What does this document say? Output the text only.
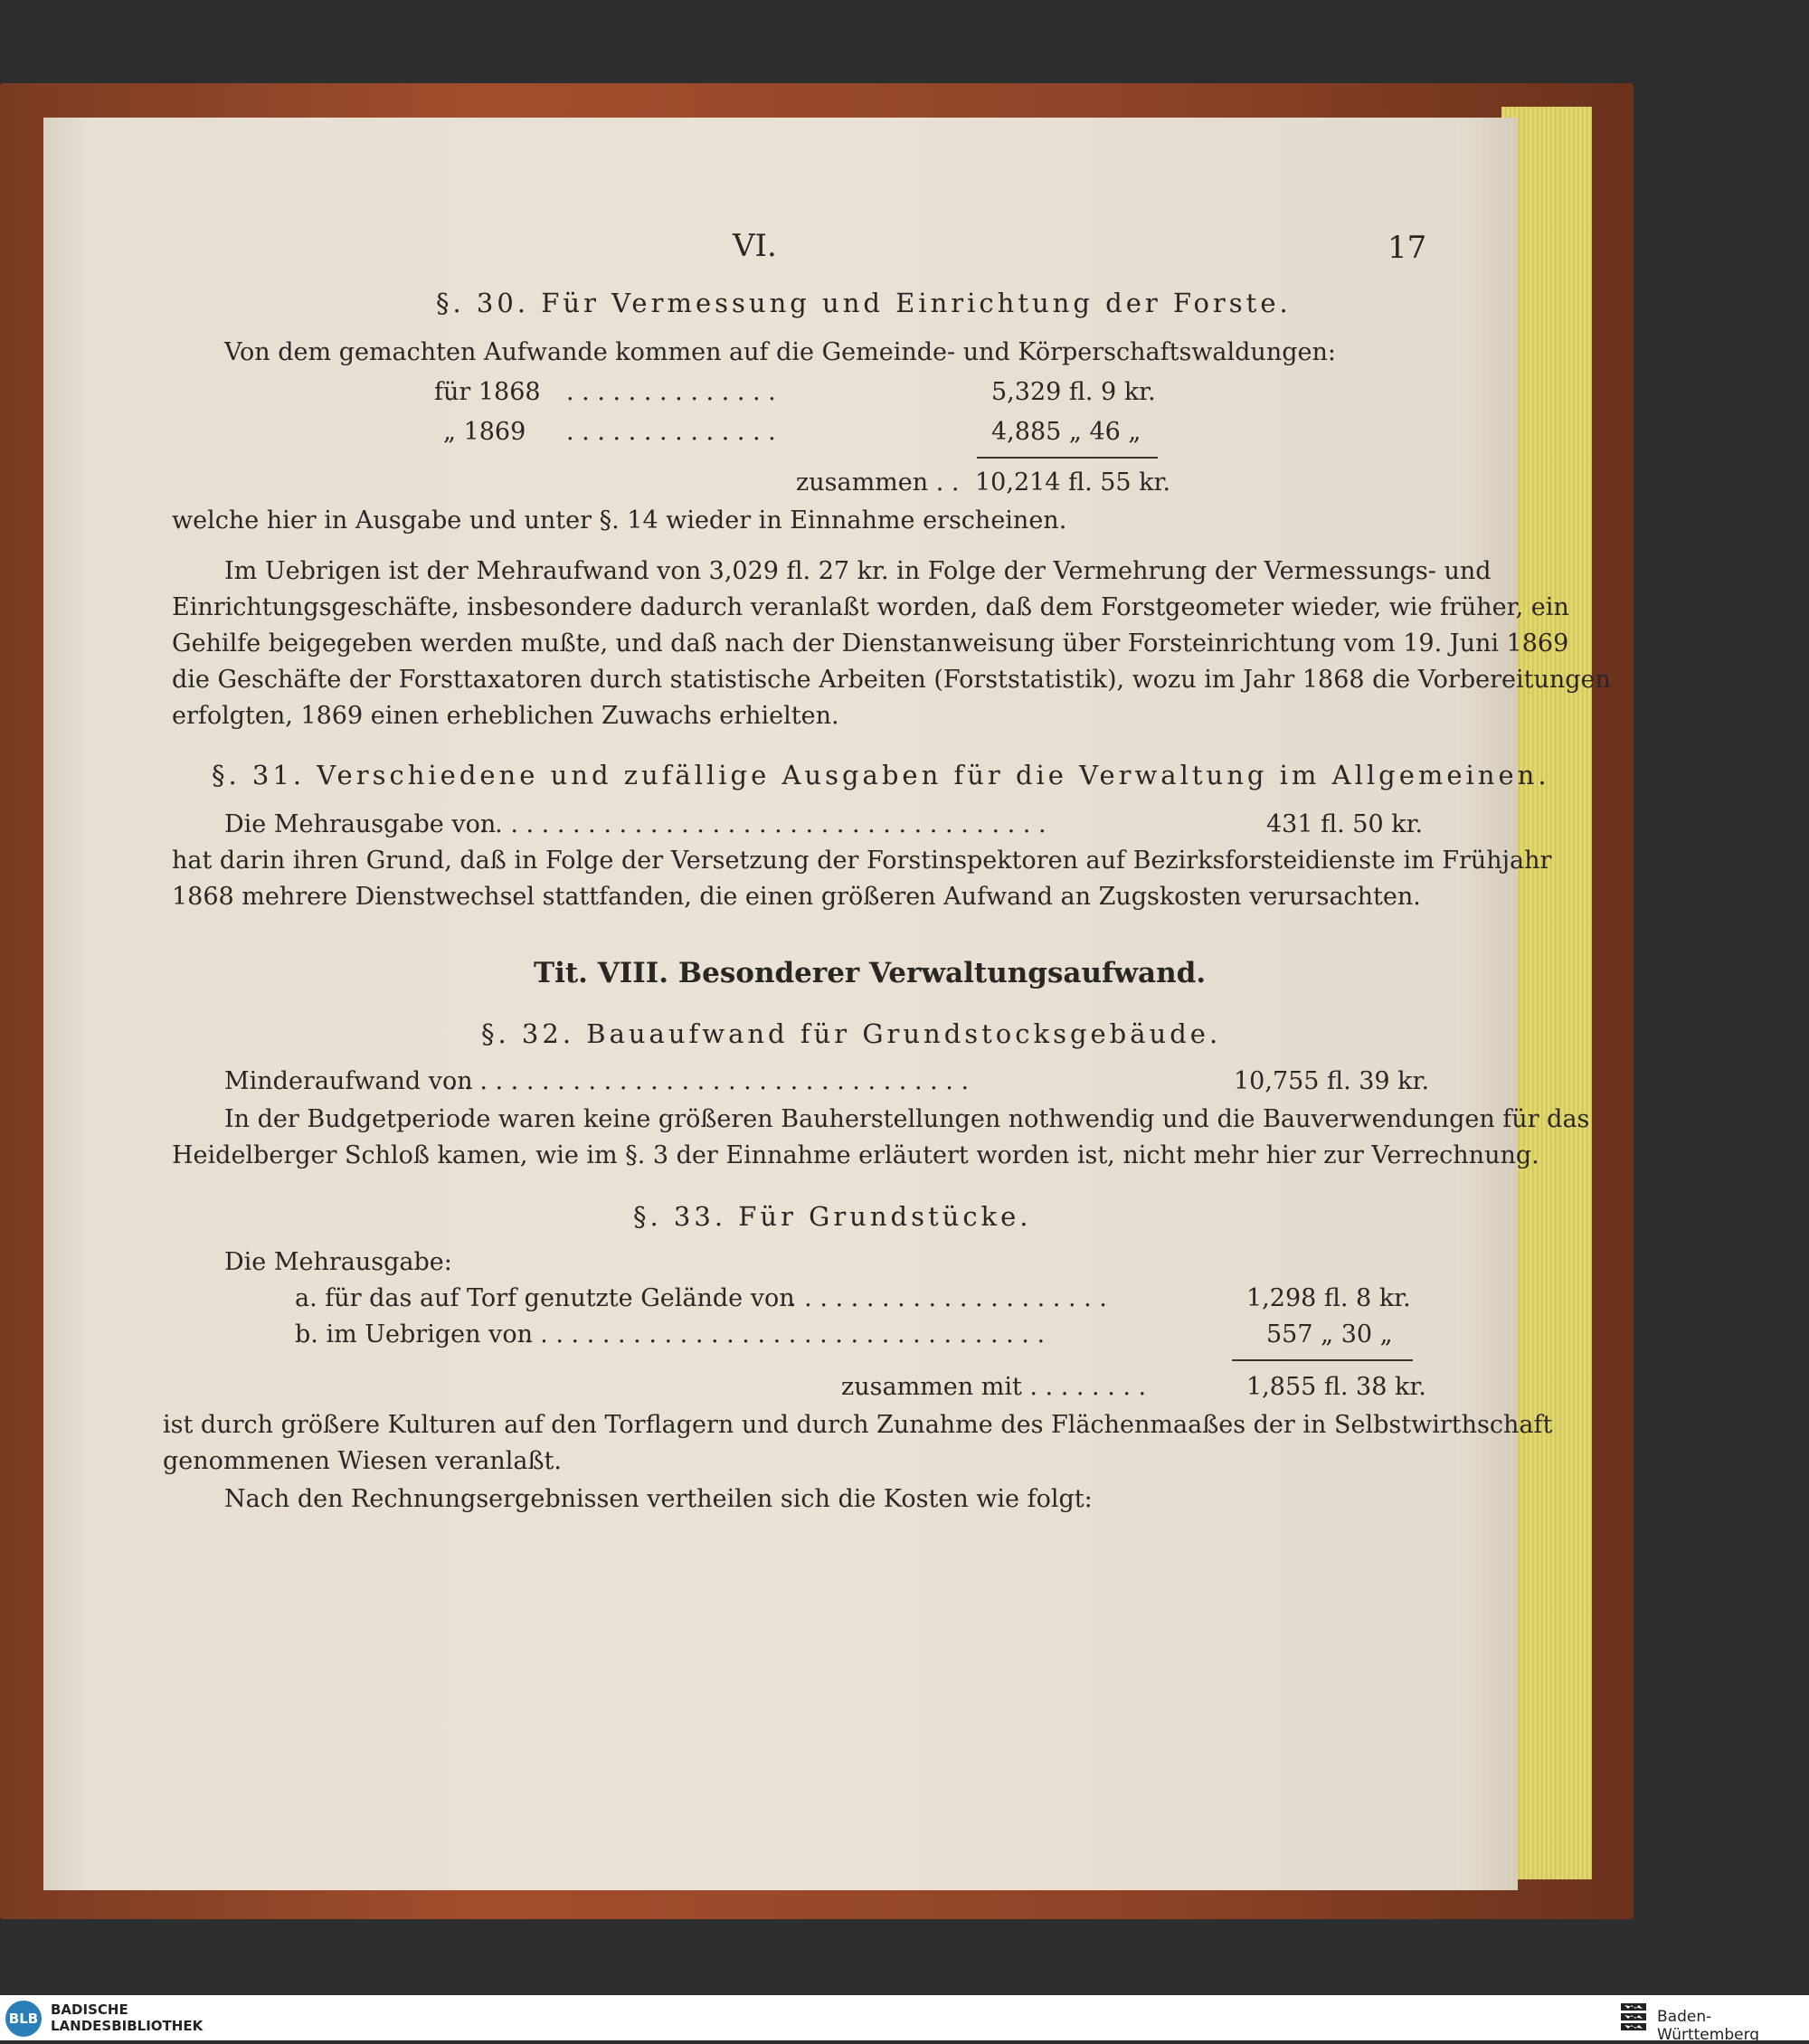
VI.	17
§. 30. Für Vermessung und Einrichtung der Forste.
Von dem gemachten Aufwande kommen auf die Gemeinde- und Körperschaftswaldungen:
für 1868 . . . . . . . . . . . . . .	5,329 fl. 9 kr.
„ 1869 . . . . . . . . . . . . . .	4,885 „ 46 „
zusammen . . 10,214 fl. 55 kr.
welche hier in Ausgabe und unter §. 14 wieder in Einnahme erscheinen.
Im Uebrigen ist der Mehraufwand von 3,029 fl. 27 kr. in Folge der Vermehrung der Vermessungs- und
Einrichtungsgeschäfte, insbesondere dadurch veranlaßt worden, daß dem Forstgeometer wieder, wie früher, ein
Gehilfe beigegeben werden mußte, und daß nach der Dienstanweisung über Forsteinrichtung vom 19. Juni 1869
die Geschäfte der Forsttaxatoren durch statistische Arbeiten (Forststatistik), wozu im Jahr 1868 die Vorbereitungen
erfolgten, 1869 einen erheblichen Zuwachs erhielten.
§. 31. Verschiedene und zufällige Ausgaben für die Verwaltung im Allgemeinen.
Die Mehrausgabe von
. . . . . . . . . . . . . . . . . . . . . . . . . . . . . . . . . . . . .	431 fl. 50 kr.
hat darin ihren Grund, daß in Folge der Versetzung der Forstinspektoren auf Bezirksforsteidienste im Frühjahr
1868 mehrere Dienstwechsel stattfanden, die einen größeren Aufwand an Zugskosten verursachten.
Tit. VIII. Besonderer Verwaltungsaufwand.
§. 32. Bauaufwand für Grundstocksgebäude.
Minderaufwand von
. . . . . . . . . . . . . . . . . . . . . . . . . . . . . . . . . .	10,755 fl. 39 kr.
In der Budgetperiode waren keine größeren Bauherstellungen nothwendig und die Bauverwendungen für das
Heidelberger Schloß kamen, wie im §. 3 der Einnahme erläutert worden ist, nicht mehr hier zur Verrechnung.
§. 33. Für Grundstücke.
Die Mehrausgabe:
a. für das auf Torf genutzte Gelände von
. . . . . . . . . . . . . . . . . . . . .	1,298 fl. 8 kr.
b. im Uebrigen von
. . . . . . . . . . . . . . . . . . . . . . . . . . . . . . . . . .	557 „ 30 „
zusammen mit . . . . . . . .	1,855 fl. 38 kr.
ist durch größere Kulturen auf den Torflagern und durch Zunahme des Flächenmaaßes der in Selbstwirthschaft
genommenen Wiesen veranlaßt.
Nach den Rechnungsergebnissen vertheilen sich die Kosten wie folgt:
BLB
BADISCHE
LANDESBIBLIOTHEK	Baden-Württemberg
